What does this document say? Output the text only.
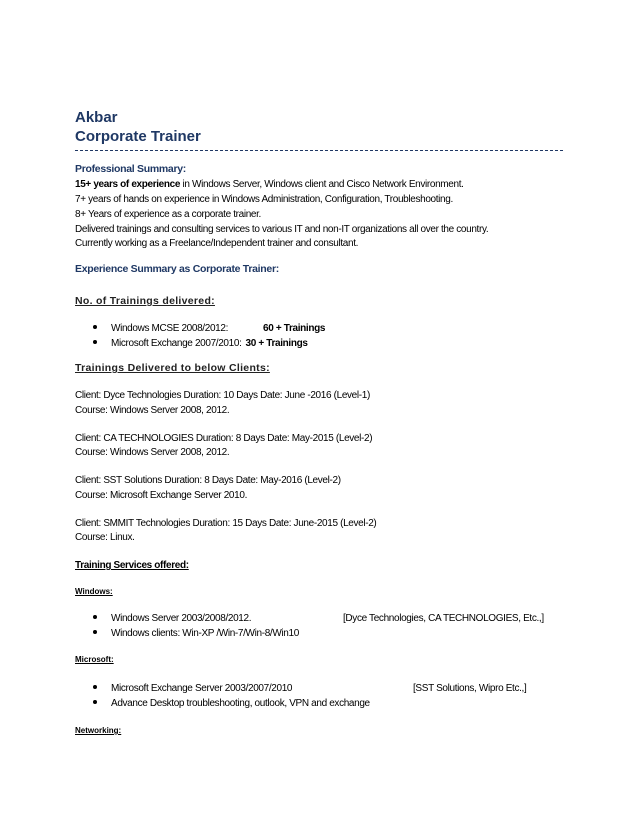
Akbar
Corporate Trainer
Professional Summary:
15+ years of experience in Windows Server, Windows client and Cisco Network Environment.
7+ years of hands on experience in Windows Administration, Configuration, Troubleshooting.
8+ Years of experience as a corporate trainer.
Delivered trainings and consulting services to various IT and non-IT organizations all over the country.
Currently working as a Freelance/Independent trainer and consultant.
Experience Summary as Corporate Trainer:
No. of Trainings delivered:
Windows MCSE 2008/2012:	60 + Trainings
Microsoft Exchange 2007/2010: 30 + Trainings
Trainings Delivered to below Clients:
Client: Dyce Technologies Duration: 10 Days Date: June -2016 (Level-1)
Course: Windows Server 2008, 2012.
Client: CA TECHNOLOGIES Duration: 8 Days Date: May-2015 (Level-2)
Course: Windows Server 2008, 2012.
Client: SST Solutions Duration: 8 Days Date: May-2016 (Level-2)
Course: Microsoft Exchange Server 2010.
Client: SMMIT Technologies Duration: 15 Days Date: June-2015 (Level-2)
Course: Linux.
Training Services offered:
Windows:
Windows Server 2003/2008/2012.	[Dyce Technologies, CA TECHNOLOGIES, Etc.,]
Windows clients: Win-XP /Win-7/Win-8/Win10
Microsoft:
Microsoft Exchange Server 2003/2007/2010	[SST Solutions, Wipro Etc.,]
Advance Desktop troubleshooting, outlook, VPN and exchange
Networking:
